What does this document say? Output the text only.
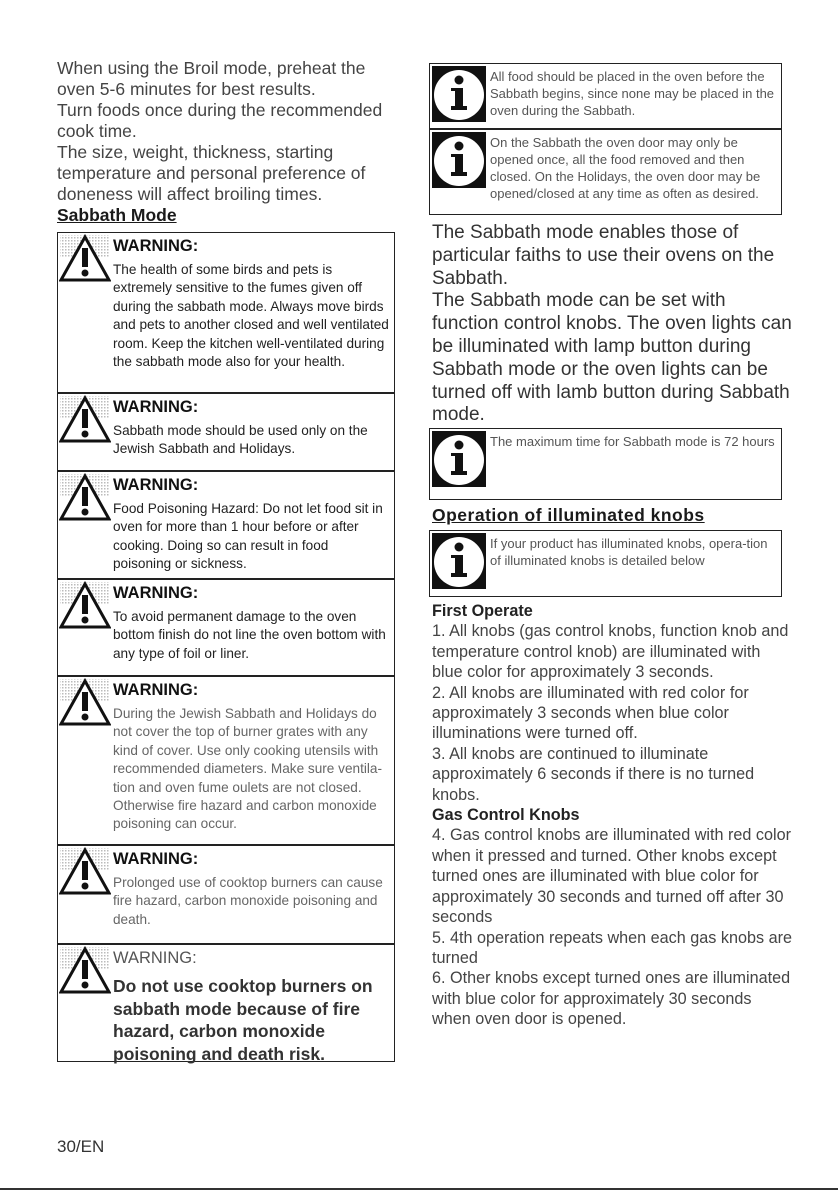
When using the Broil mode, preheat the oven 5-6 minutes for best results.

Turn foods once during the recommended cook time.

The size, weight, thickness, starting temperature and personal preference of doneness will affect broiling times.

Sabbath Mode

WARNING:
The health of some birds and pets is extremely sensitive to the fumes given off during the sabbath mode. Always move birds and pets to another closed and well ventilated room. Keep the kitchen well-ventilated during the sabbath mode also for your health.
WARNING:
Sabbath mode should be used only on the Jewish Sabbath and Holidays.
WARNING:
Food Poisoning Hazard: Do not let food sit in oven for more than 1 hour before or after cooking. Doing so can result in food poisoning or sickness.
WARNING:
To avoid permanent damage to the oven bottom finish do not line the oven bottom with any type of foil or liner.
WARNING:
During the Jewish Sabbath and Holidays do not cover the top of burner grates with any kind of cover. Use only cooking utensils with recommended diameters. Make sure ventila-tion and oven fume oulets are not closed. Otherwise fire hazard and carbon monoxide poisoning can occur.
WARNING:
Prolonged use of cooktop burners can cause fire hazard, carbon monoxide poisoning and death.
WARNING:
Do not use cooktop burners on sabbath mode because of fire hazard, carbon monoxide poisoning and death risk.
All food should be placed in the oven before the Sabbath begins, since none may be placed in the oven during the Sabbath.
On the Sabbath the oven door may only be opened once, all the food removed and then closed. On the Holidays, the oven door may be opened/closed at any time as often as desired.

The Sabbath mode enables those of particular faiths to use their ovens on the Sabbath.

The Sabbath mode can be set with function control knobs. The oven lights can be illuminated with lamp button during Sabbath mode or the oven lights can be turned off with lamb button during Sabbath mode.

The maximum time for Sabbath mode is 72 hours
Operation of illuminated knobs
If your product has illuminated knobs, opera-tion of illuminated knobs is detailed below

First Operate

1. All knobs (gas control knobs, function knob and temperature control knob) are illuminated with blue color for approximately 3 seconds.

2. All knobs are illuminated with red color for approximately 3 seconds when blue color illuminations were turned off.

3. All knobs are continued to illuminate approximately 6 seconds if there is no turned knobs.

Gas Control Knobs

4. Gas control knobs are illuminated with red color when it pressed and turned. Other knobs except turned ones are illuminated with blue color for approximately 30 seconds and turned off after 30 seconds

5. 4th operation repeats when each gas knobs are turned

6. Other knobs except turned ones are illuminated with blue color for approximately 30 seconds when oven door is opened.

30/EN
